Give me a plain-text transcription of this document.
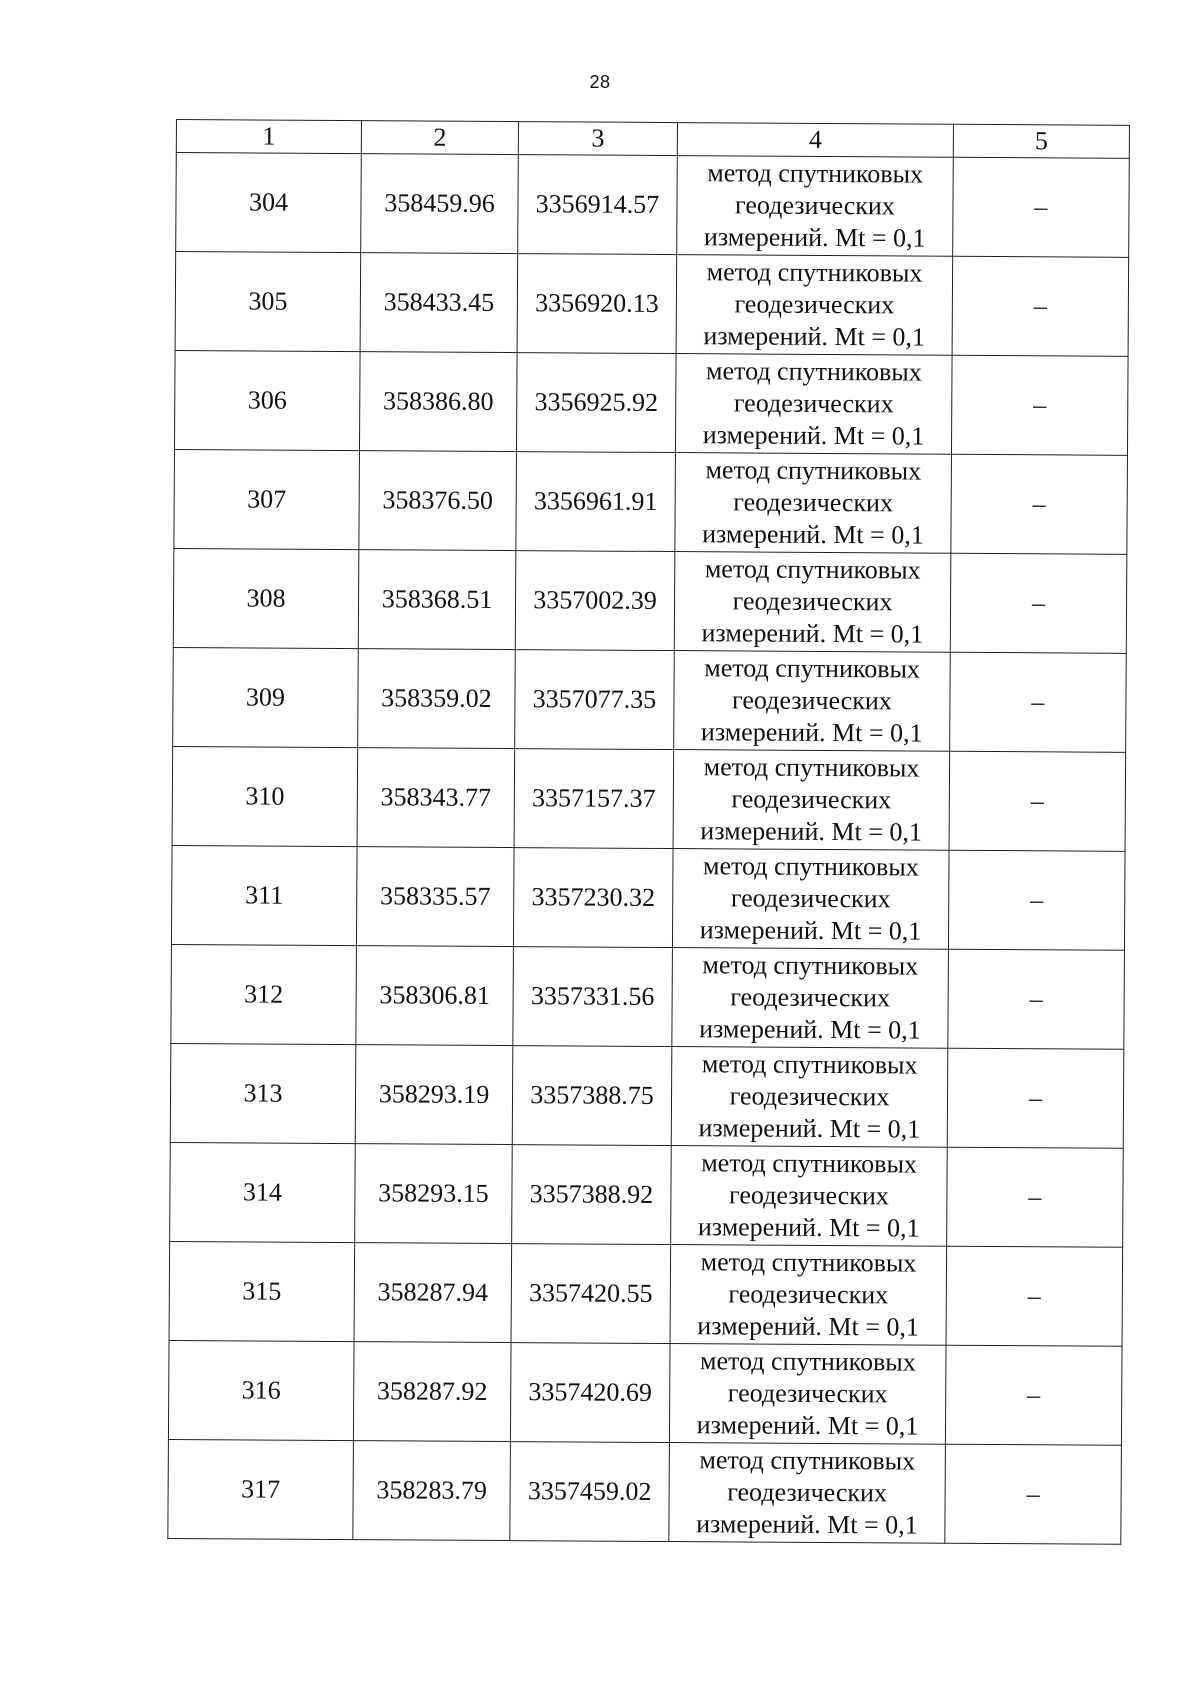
28
1	2	3	4	5
304	358459.96	3356914.57	метод спутниковых геодезических измерений. Mt = 0,1	–
305	358433.45	3356920.13	метод спутниковых геодезических измерений. Mt = 0,1	–
306	358386.80	3356925.92	метод спутниковых геодезических измерений. Mt = 0,1	–
307	358376.50	3356961.91	метод спутниковых геодезических измерений. Mt = 0,1	–
308	358368.51	3357002.39	метод спутниковых геодезических измерений. Mt = 0,1	–
309	358359.02	3357077.35	метод спутниковых геодезических измерений. Mt = 0,1	–
310	358343.77	3357157.37	метод спутниковых геодезических измерений. Mt = 0,1	–
311	358335.57	3357230.32	метод спутниковых геодезических измерений. Mt = 0,1	–
312	358306.81	3357331.56	метод спутниковых геодезических измерений. Mt = 0,1	–
313	358293.19	3357388.75	метод спутниковых геодезических измерений. Mt = 0,1	–
314	358293.15	3357388.92	метод спутниковых геодезических измерений. Mt = 0,1	–
315	358287.94	3357420.55	метод спутниковых геодезических измерений. Mt = 0,1	–
316	358287.92	3357420.69	метод спутниковых геодезических измерений. Mt = 0,1	–
317	358283.79	3357459.02	метод спутниковых геодезических измерений. Mt = 0,1	–
